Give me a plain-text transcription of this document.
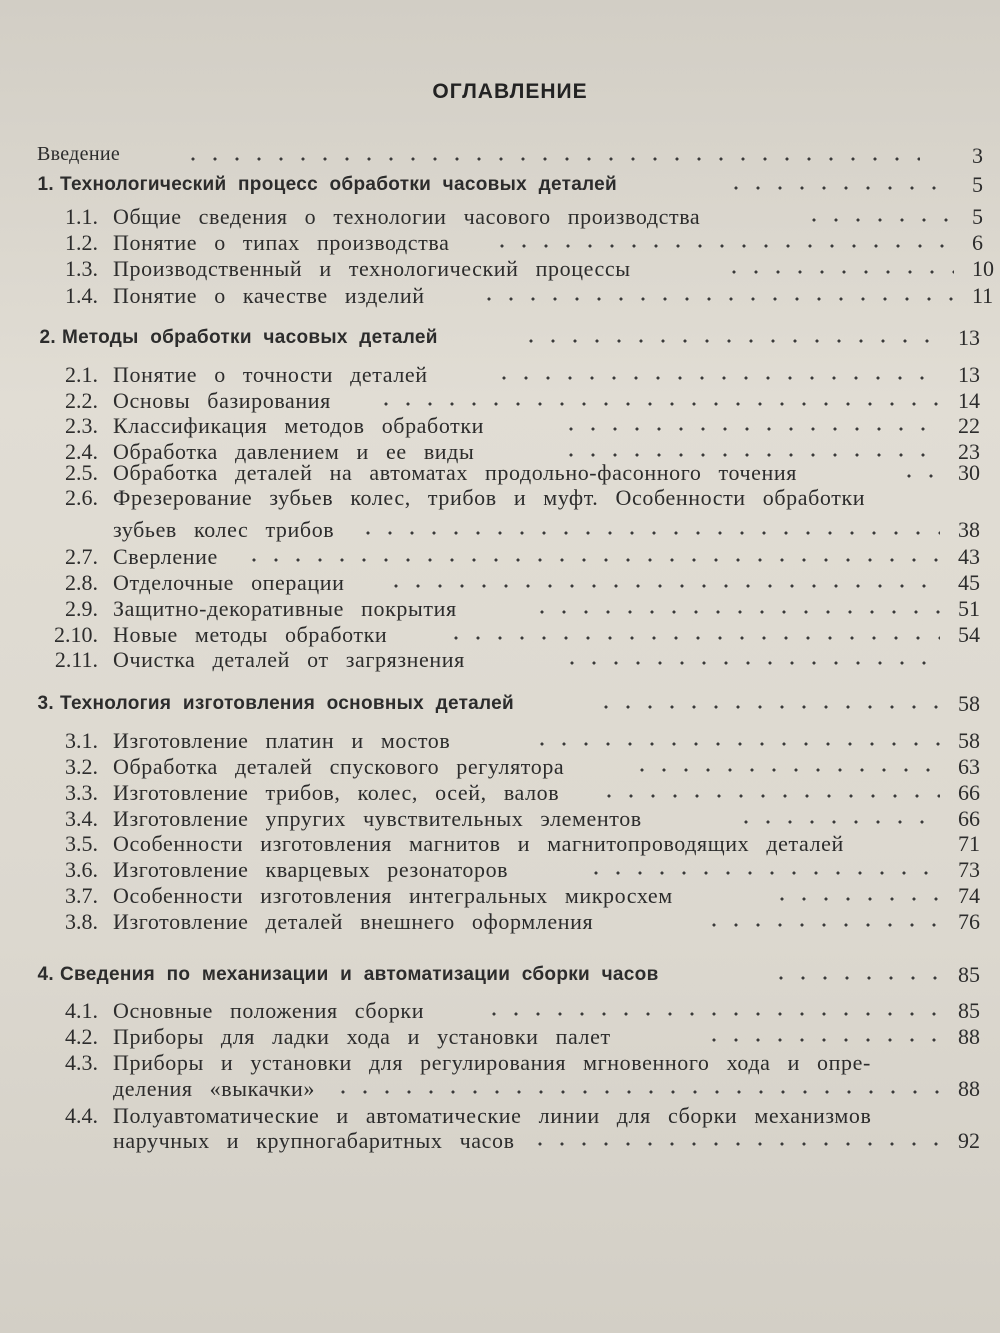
ОГЛАВЛЕНИЕ
Введение	3
1. Технологический процесс обработки часовых деталей	5
1.1. Общие сведения о технологии часового производства	5
1.2. Понятие о типах производства	6
1.3. Производственный и технологический процессы	10
1.4. Понятие о качестве изделий	11
2. Методы обработки часовых деталей	13
2.1. Понятие о точности деталей	13
2.2. Основы базирования	14
2.3. Классификация методов обработки	22
2.4. Обработка давлением и ее виды	23
2.5. Обработка деталей на автоматах продольно-фасонного точения	30
2.6. Фрезерование зубьев колес, трибов и муфт. Особенности обработки
зубьев колес трибов	38
2.7. Сверление	43
2.8. Отделочные операции	45
2.9. Защитно-декоративные покрытия	51
2.10. Новые методы обработки	54
2.11. Очистка деталей от загрязнения
3. Технология изготовления основных деталей	58
3.1. Изготовление платин и мостов	58
3.2. Обработка деталей спускового регулятора	63
3.3. Изготовление трибов, колес, осей, валов	66
3.4. Изготовление упругих чувствительных элементов	66
3.5. Особенности изготовления магнитов и магнитопроводящих деталей	71
3.6. Изготовление кварцевых резонаторов	73
3.7. Особенности изготовления интегральных микросхем	74
3.8. Изготовление деталей внешнего оформления	76
4. Сведения по механизации и автоматизации сборки часов	85
4.1. Основные положения сборки	85
4.2. Приборы для ладки хода и установки палет	88
4.3. Приборы и установки для регулирования мгновенного хода и опре-
деления «выкачки»	88
4.4. Полуавтоматические и автоматические линии для сборки механизмов
наручных и крупногабаритных часов	92
